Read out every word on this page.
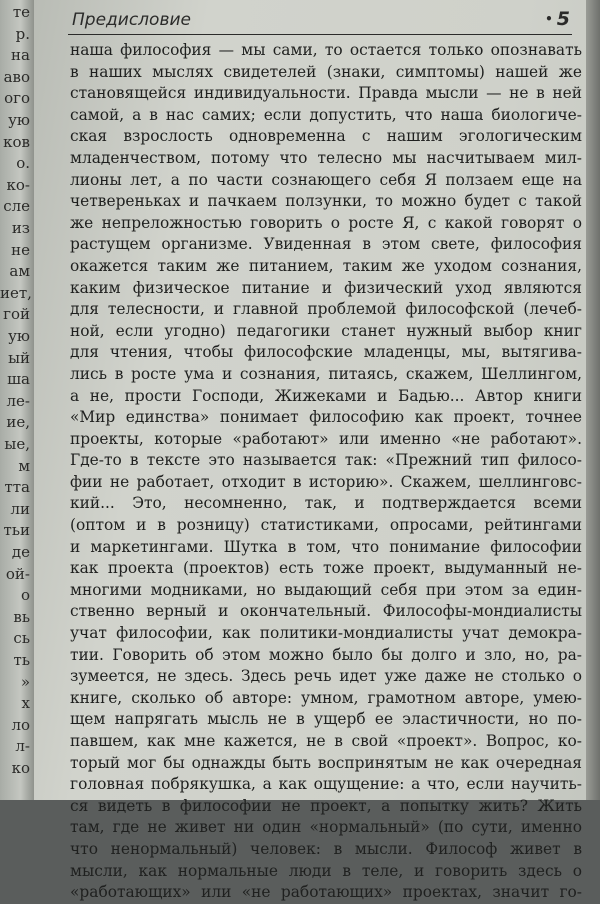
те
р.
на
аво
ого
ую
ков
о.
ко-
сле
из
не
ам
иет,
гой
ую
ый
ша
ле-
ие,
ые,
м
тта
ли
тьи
де
ой-
о
вь
сь
ть
»
х
ло
л-
ко
Предисловие	• 5
наша философия — мы сами, то остается только опознавать
в наших мыслях свидетелей (знаки, симптомы) нашей же
становящейся индивидуальности. Правда мысли — не в ней
самой, а в нас самих; если допустить, что наша биологиче-
ская взрослость одновременна с нашим эгологическим
младенчеством, потому что телесно мы насчитываем мил-
лионы лет, а по части сознающего себя Я ползаем еще на
четвереньках и пачкаем ползунки, то можно будет с такой
же непреложностью говорить о росте Я, с какой говорят о
растущем организме. Увиденная в этом свете, философия
окажется таким же питанием, таким же уходом сознания,
каким физическое питание и физический уход являются
для телесности, и главной проблемой философской (лечеб-
ной, если угодно) педагогики станет нужный выбор книг
для чтения, чтобы философские младенцы, мы, вытягива-
лись в росте ума и сознания, питаясь, скажем, Шеллингом,
а не, прости Господи, Жижеками и Бадью... Автор книги
«Мир единства» понимает философию как проект, точнее
проекты, которые «работают» или именно «не работают».
Где-то в тексте это называется так: «Прежний тип филосо-
фии не работает, отходит в историю». Скажем, шеллинговс-
кий... Это, несомненно, так, и подтверждается всеми
(оптом и в розницу) статистиками, опросами, рейтингами
и маркетингами. Шутка в том, что понимание философии
как проекта (проектов) есть тоже проект, выдуманный не-
многими модниками, но выдающий себя при этом за един-
ственно верный и окончательный. Философы-мондиалисты
учат философии, как политики-мондиалисты учат демокра-
тии. Говорить об этом можно было бы долго и зло, но, ра-
зумеется, не здесь. Здесь речь идет уже даже не столько о
книге, сколько об авторе: умном, грамотном авторе, умею-
щем напрягать мысль не в ущерб ее эластичности, но по-
павшем, как мне кажется, не в свой «проект». Вопрос, ко-
торый мог бы однажды быть воспринятым не как очередная
головная побрякушка, а как ощущение: а что, если научить-
ся видеть в философии не проект, а попытку жить? Жить
там, где не живет ни один «нормальный» (по сути, именно
что ненормальный) человек: в мысли. Философ живет в
мысли, как нормальные люди в теле, и говорить здесь о
«работающих» или «не работающих» проектах, значит го-
